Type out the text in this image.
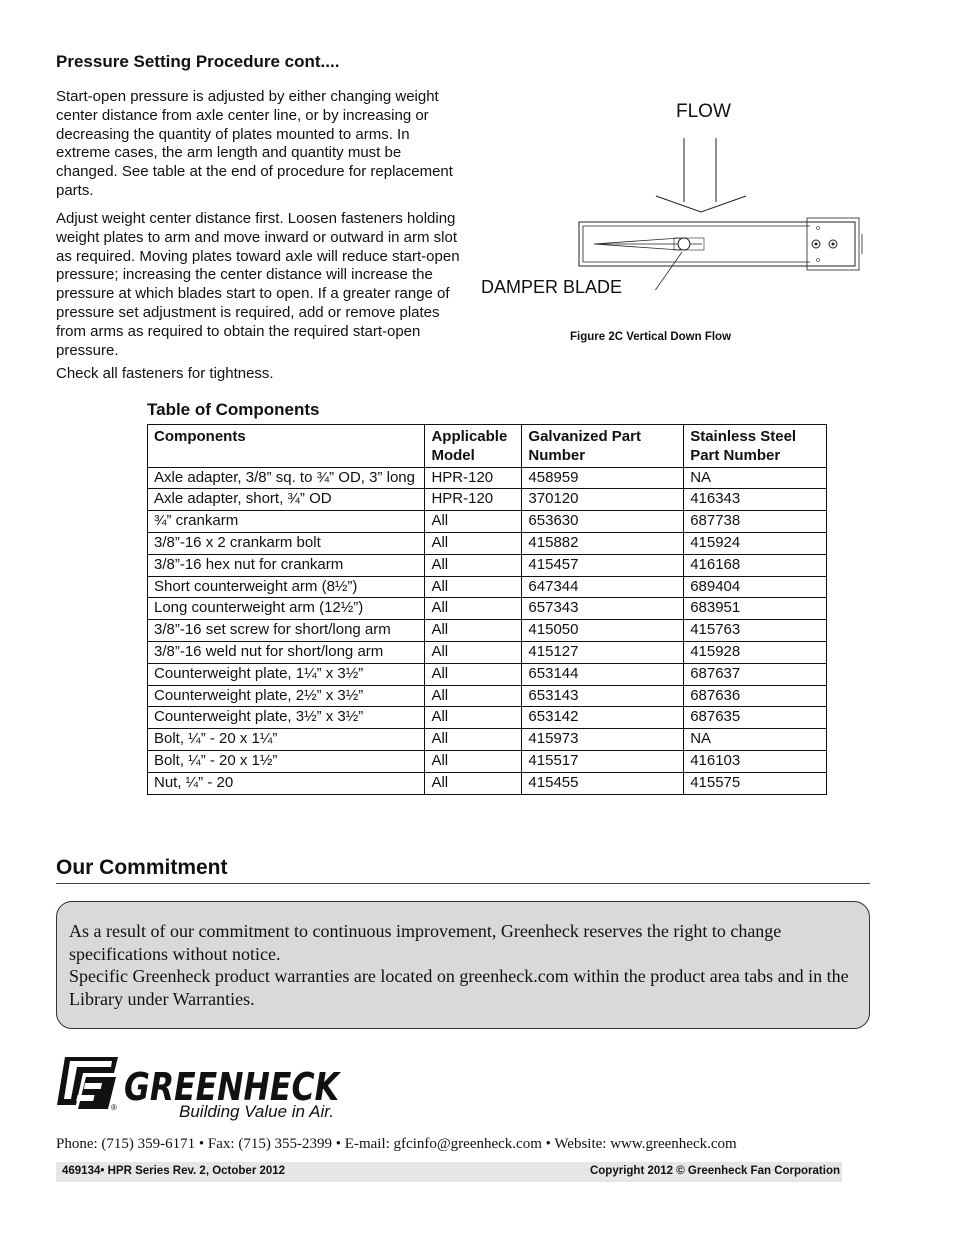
Pressure Setting Procedure cont....

Start-open pressure is adjusted by either changing weight center distance from axle center line, or by increasing or decreasing the quantity of plates mounted to arms. In extreme cases, the arm length and quantity must be changed. See table at the end of procedure for replacement parts.

Adjust weight center distance first. Loosen fasteners holding weight plates to arm and move inward or outward in arm slot as required. Moving plates toward axle will reduce start-open pressure; increasing the center distance will increase the pressure at which blades start to open. If a greater range of pressure set adjustment is required, add or remove plates from arms as required to obtain the required start-open pressure.

Check all fasteners for tightness.

FLOW
DAMPER BLADE
Figure 2C Vertical Down Flow
Table of Components
Components	Applicable Model	Galvanized Part Number	Stainless Steel Part Number
Axle adapter, 3/8” sq. to ¾” OD, 3” long	HPR-120	458959	NA
Axle adapter, short, ¾” OD	HPR-120	370120	416343
¾” crankarm	All	653630	687738
3/8”-16 x 2 crankarm bolt	All	415882	415924
3/8”-16 hex nut for crankarm	All	415457	416168
Short counterweight arm (8½”)	All	647344	689404
Long counterweight arm (12½”)	All	657343	683951
3/8”-16 set screw for short/long arm	All	415050	415763
3/8”-16 weld nut for short/long arm	All	415127	415928
Counterweight plate, 1¼” x 3½”	All	653144	687637
Counterweight plate, 2½” x 3½”	All	653143	687636
Counterweight plate, 3½” x 3½”	All	653142	687635
Bolt, ¼” - 20 x 1¼”	All	415973	NA
Bolt, ¼” - 20 x 1½”	All	415517	416103
Nut, ¼” - 20	All	415455	415575
Our Commitment
As a result of our commitment to continuous improvement, Greenheck reserves the right to change specifications without notice.
Specific Greenheck product warranties are located on greenheck.com within the product area tabs and in the Library under Warranties.
GREENHECK
®	Building Value in Air.
Phone: (715) 359-6171 • Fax: (715) 355-2399 • E-mail: gfcinfo@greenheck.com • Website: www.greenheck.com
469134• HPR Series Rev. 2, October 2012	Copyright 2012 © Greenheck Fan Corporation
